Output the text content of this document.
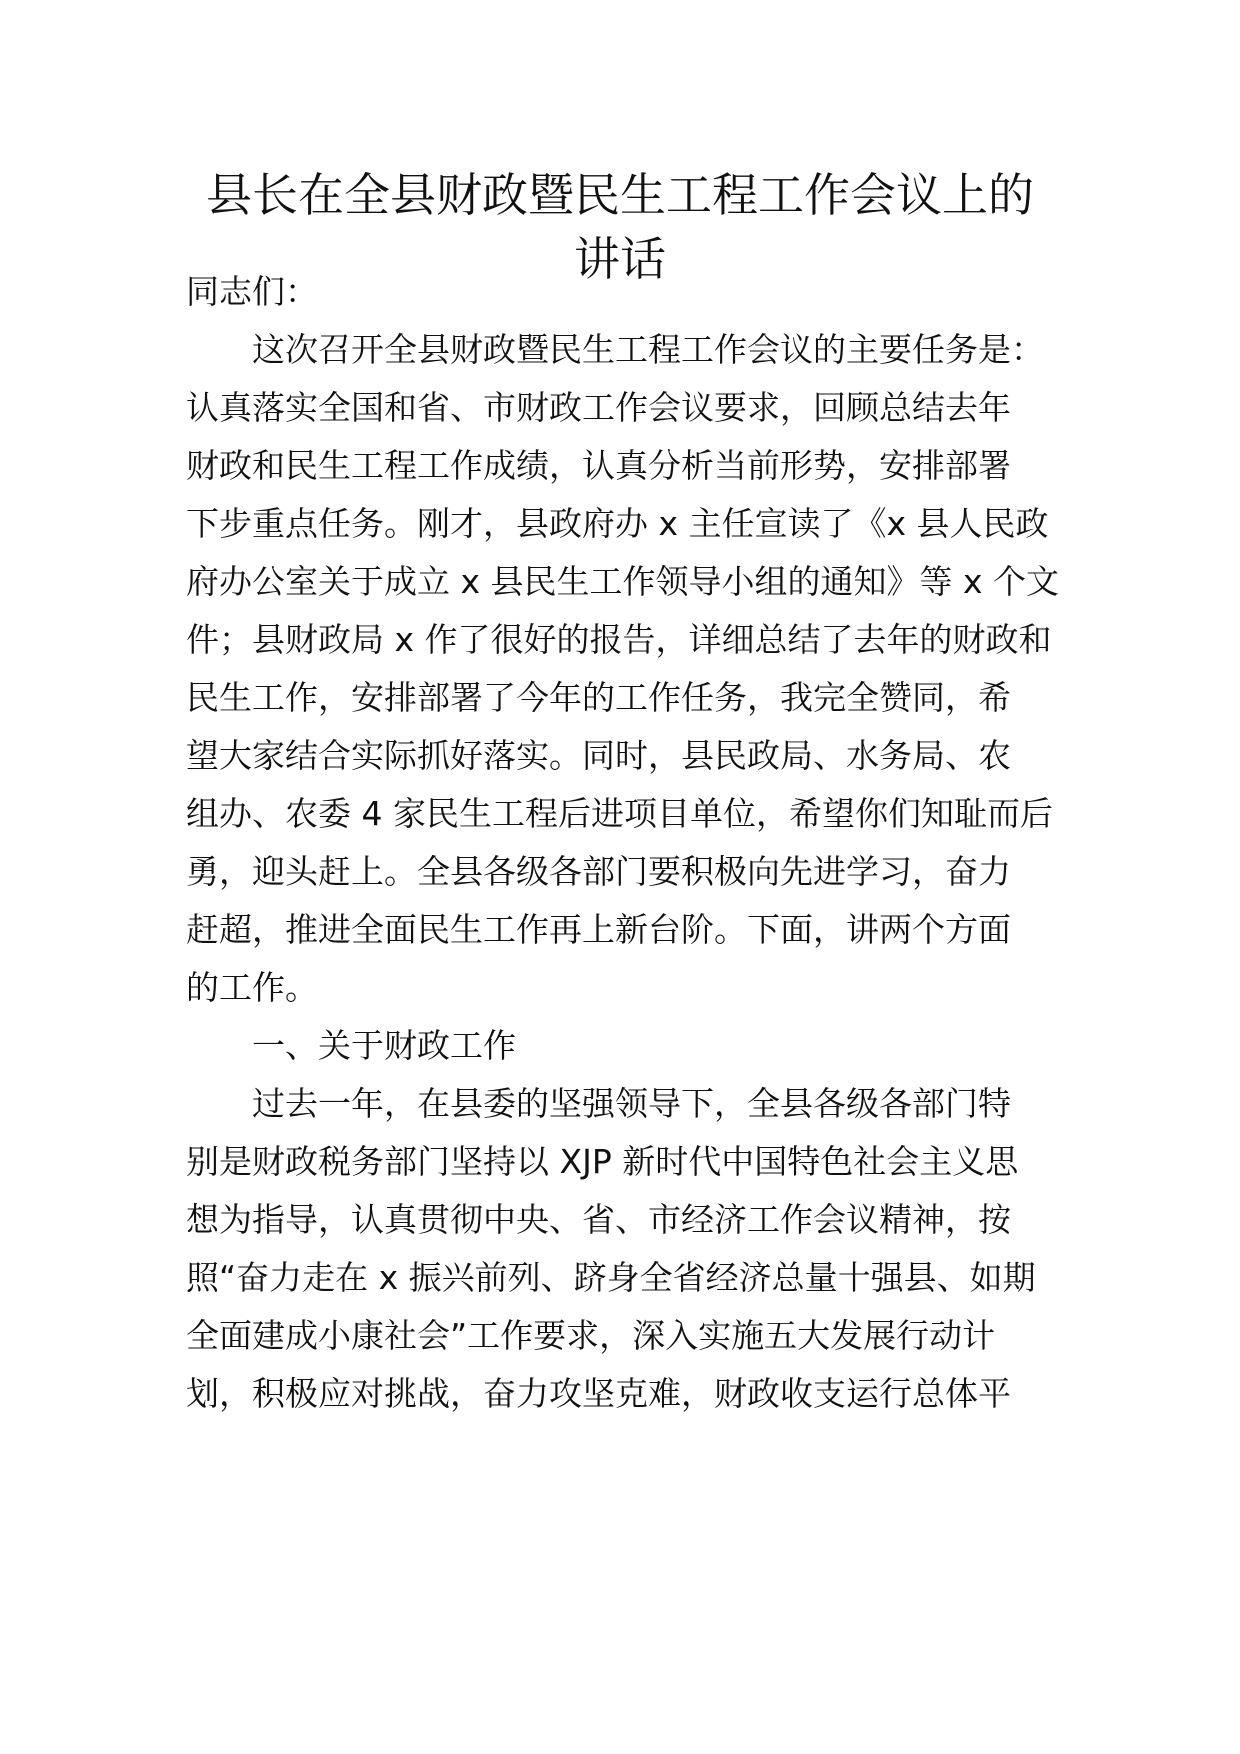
县长在全县财政暨民生工程工作会议上的
讲话
同志们：
这次召开全县财政暨民生工程工作会议的主要任务是：
认真落实全国和省、市财政工作会议要求，回顾总结去年
财政和民生工程工作成绩，认真分析当前形势，安排部署
下步重点任务。刚才，县政府办 x 主任宣读了《x 县人民政
府办公室关于成立 x 县民生工作领导小组的通知》等 x 个文
件；县财政局 x 作了很好的报告，详细总结了去年的财政和
民生工作，安排部署了今年的工作任务，我完全赞同，希
望大家结合实际抓好落实。同时，县民政局、水务局、农
组办、农委 4 家民生工程后进项目单位，希望你们知耻而后
勇，迎头赶上。全县各级各部门要积极向先进学习，奋力
赶超，推进全面民生工作再上新台阶。下面，讲两个方面
的工作。
一、关于财政工作
过去一年，在县委的坚强领导下，全县各级各部门特
别是财政税务部门坚持以 XJP 新时代中国特色社会主义思
想为指导，认真贯彻中央、省、市经济工作会议精神，按
照“奋力走在 x 振兴前列、跻身全省经济总量十强县、如期
全面建成小康社会”工作要求，深入实施五大发展行动计
划，积极应对挑战，奋力攻坚克难，财政收支运行总体平
